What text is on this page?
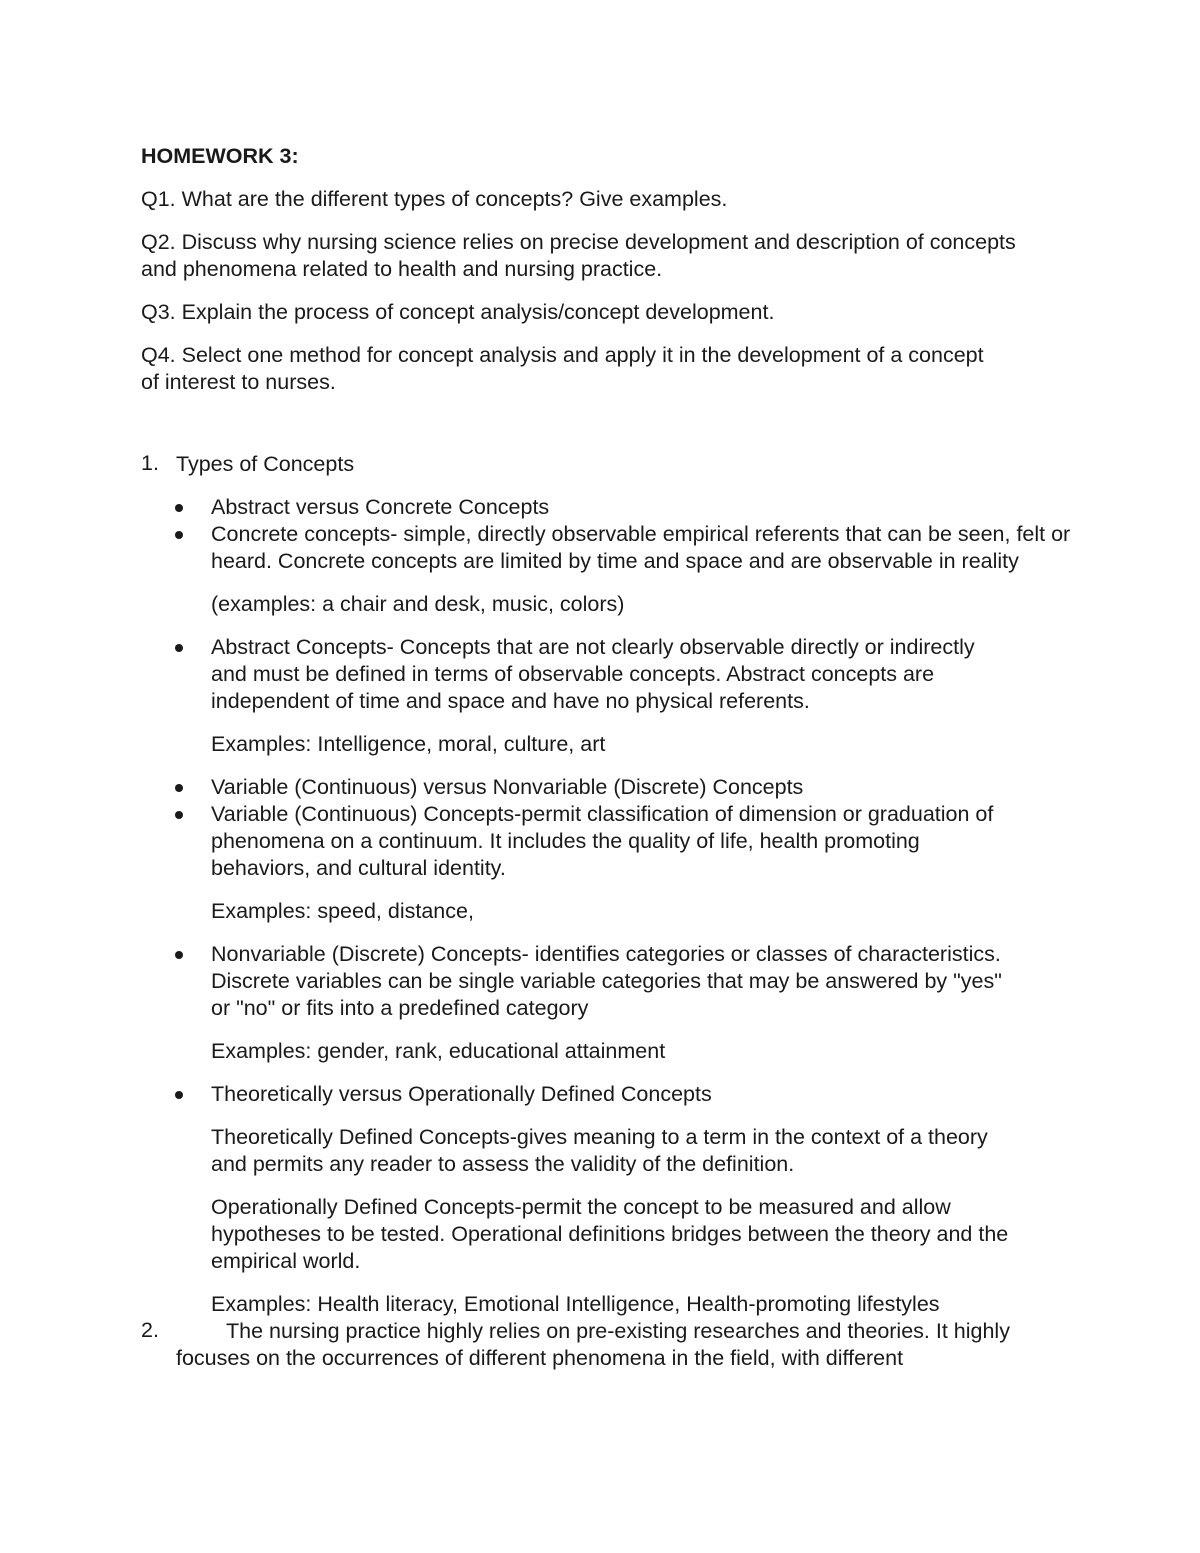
HOMEWORK 3:

Q1. What are the different types of concepts? Give examples.

Q2. Discuss why nursing science relies on precise development and description of concepts and phenomena related to health and nursing practice.

Q3. Explain the process of concept analysis/concept development.

Q4. Select one method for concept analysis and apply it in the development of a concept of interest to nurses.

1. Types of Concepts

Abstract versus Concrete Concepts

Concrete concepts- simple, directly observable empirical referents that can be seen, felt or heard. Concrete concepts are limited by time and space and are observable in reality

(examples: a chair and desk, music, colors)

Abstract Concepts- Concepts that are not clearly observable directly or indirectly and must be defined in terms of observable concepts. Abstract concepts are independent of time and space and have no physical referents.

Examples: Intelligence, moral, culture, art

Variable (Continuous) versus Nonvariable (Discrete) Concepts

Variable (Continuous) Concepts-permit classification of dimension or graduation of phenomena on a continuum. It includes the quality of life, health promoting behaviors, and cultural identity.

Examples: speed, distance,

Nonvariable (Discrete) Concepts- identifies categories or classes of characteristics. Discrete variables can be single variable categories that may be answered by "yes" or "no" or fits into a predefined category

Examples: gender, rank, educational attainment

Theoretically versus Operationally Defined Concepts

Theoretically Defined Concepts-gives meaning to a term in the context of a theory and permits any reader to assess the validity of the definition.

Operationally Defined Concepts-permit the concept to be measured and allow hypotheses to be tested. Operational definitions bridges between the theory and the empirical world.

Examples: Health literacy, Emotional Intelligence, Health-promoting lifestyles

2.	The nursing practice highly relies on pre-existing researches and theories. It highly focuses on the occurrences of different phenomena in the field, with different
